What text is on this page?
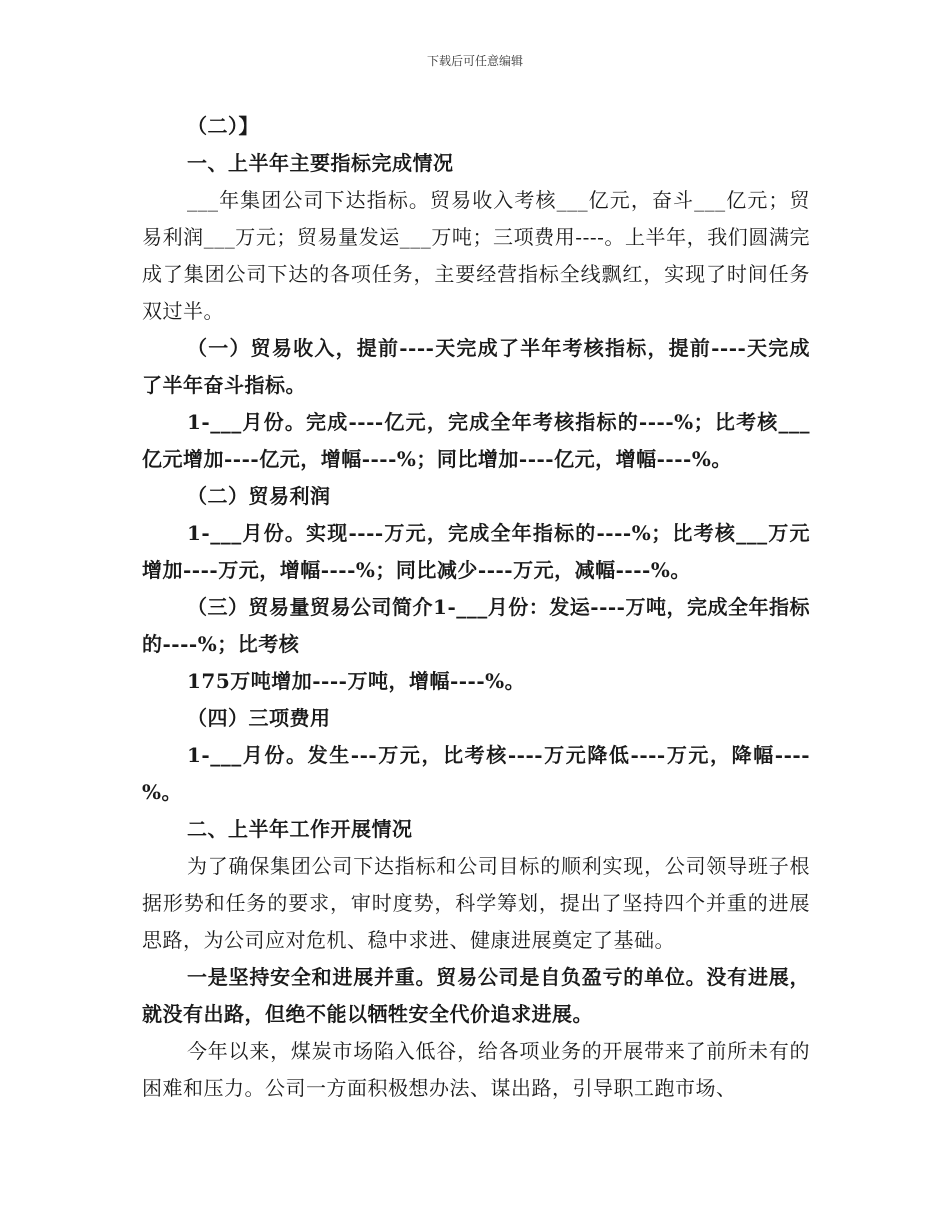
下载后可任意编辑

（二）】

一、上半年主要指标完成情况

___年集团公司下达指标。贸易收入考核___亿元，奋斗___亿元；贸易利润___万元；贸易量发运___万吨；三项费用----。上半年，我们圆满完成了集团公司下达的各项任务，主要经营指标全线飘红，实现了时间任务双过半。

（一）贸易收入，提前----天完成了半年考核指标，提前----天完成了半年奋斗指标。

1-___月份。完成----亿元，完成全年考核指标的----%；比考核___亿元增加----亿元，增幅----%；同比增加----亿元，增幅----%。

（二）贸易利润

1-___月份。实现----万元，完成全年指标的----%；比考核___万元增加----万元，增幅----%；同比减少----万元，减幅----%。

（三）贸易量贸易公司简介1-___月份：发运----万吨，完成全年指标的----%；比考核

175万吨增加----万吨，增幅----%。

（四）三项费用

1-___月份。发生---万元，比考核----万元降低----万元，降幅----%。

二、上半年工作开展情况

为了确保集团公司下达指标和公司目标的顺利实现，公司领导班子根据形势和任务的要求，审时度势，科学筹划，提出了坚持四个并重的进展思路，为公司应对危机、稳中求进、健康进展奠定了基础。

一是坚持安全和进展并重。贸易公司是自负盈亏的单位。没有进展，就没有出路，但绝不能以牺牲安全代价追求进展。

今年以来，煤炭市场陷入低谷，给各项业务的开展带来了前所未有的困难和压力。公司一方面积极想办法、谋出路，引导职工跑市场、
